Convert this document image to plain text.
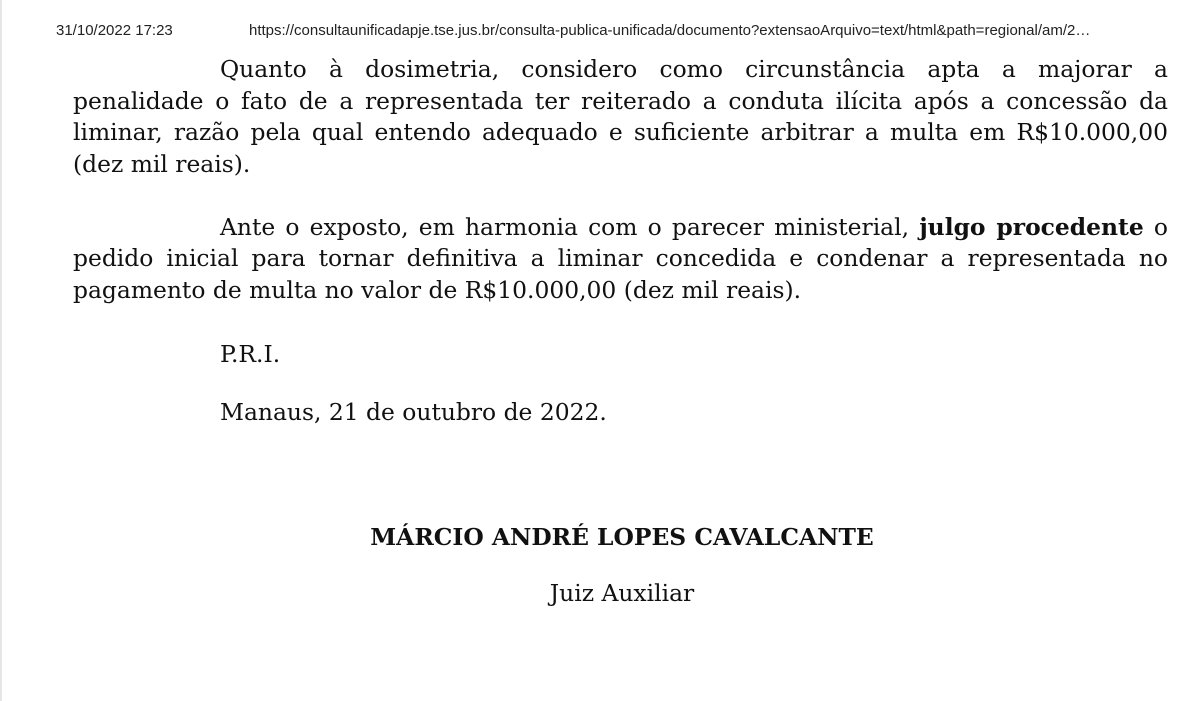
31/10/2022 17:23	https://consultaunificadapje.tse.jus.br/consulta-publica-unificada/documento?extensaoArquivo=text/html&path=regional/am/2…

Quanto à dosimetria, considero como circunstância apta a majorar a penalidade o fato de a representada ter reiterado a conduta ilícita após a concessão da liminar, razão pela qual entendo adequado e suficiente arbitrar a multa em R$10.000,00 (dez mil reais).

Ante o exposto, em harmonia com o parecer ministerial, julgo procedente o pedido inicial para tornar definitiva a liminar concedida e condenar a representada no pagamento de multa no valor de R$10.000,00 (dez mil reais).

P.R.I.

Manaus, 21 de outubro de 2022.

MÁRCIO ANDRÉ LOPES CAVALCANTE

Juiz Auxiliar
